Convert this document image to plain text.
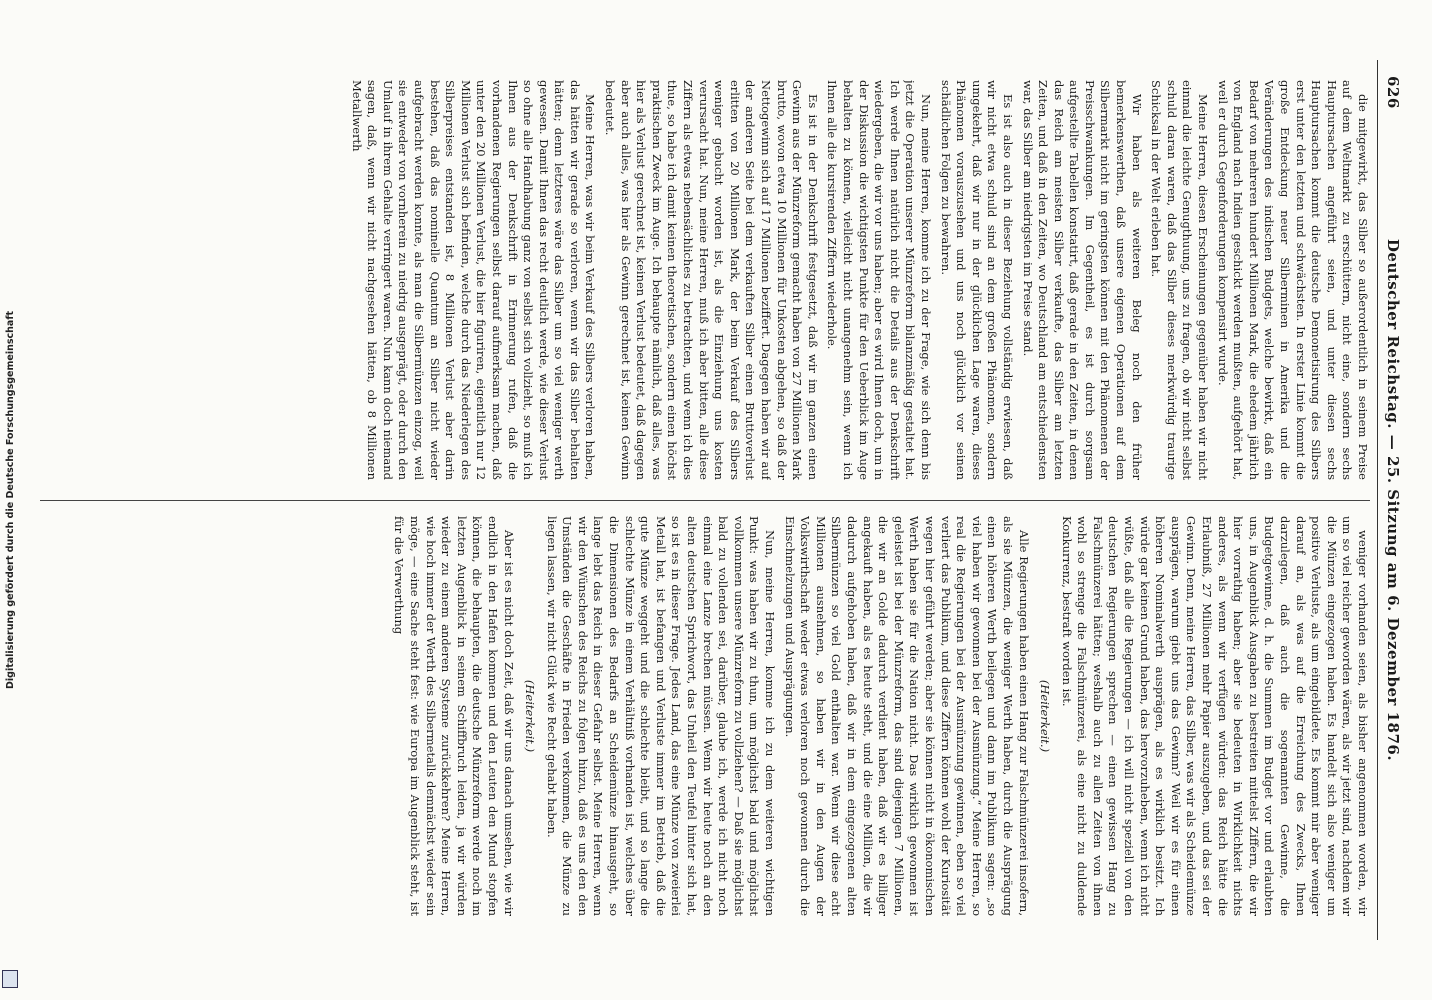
Digitalisierung gefördert durch die Deutsche Forschungsgemeinschaft
626
Deutscher Reichstag. — 25. Sitzung am 6. Dezember 1876.

die mitgewirkt, das Silber so außerordentlich in seinem Preise auf dem Weltmarkt zu erschüttern, nicht eine, sondern sechs Hauptursachen angeführt seien, und unter diesen sechs Hauptursachen kommt die deutsche Demonetisirung des Silbers erst unter den letzten und schwächsten. In erster Linie kommt die große Entdeckung neuer Silberminen in Amerika und die Veränderungen des indischen Budgets, welche bewirkt, daß ein Bedarf von mehreren hundert Millionen Mark, die ehedem jährlich von England nach Indien geschickt werden mußten, aufgehört hat, weil er durch Gegenforderungen kompensirt wurde.

Meine Herren, diesen Erscheinungen gegenüber haben wir nicht einmal die leichte Genugthuung, uns zu fragen, ob wir nicht selbst schuld daran waren, daß das Silber dieses merkwürdig traurige Schicksal in der Welt erleben hat.

Wir haben als weiteren Beleg noch den früher bemerkenswerthen, daß unsere eigenen Operationen auf dem Silbermarkt nicht im geringsten können mit den Phänomenen der Preisschwankungen. Im Gegentheil, es ist durch sorgsam aufgestellte Tabellen konstatirt, daß gerade in den Zeiten, in denen das Reich am meisten Silber verkaufte, das Silber am letzten Zeiten, und daß in den Zeiten, wo Deutschland am entschiedensten war, das Silber am niedrigsten im Preise stand.

Es ist also auch in dieser Beziehung vollständig erwiesen, daß wir nicht etwa schuld sind an dem großen Phänomen, sondern umgekehrt, daß wir nur in der glücklichen Lage waren, dieses Phänomen vorauszusehen und uns noch glücklich vor seinen schädlichen Folgen zu bewahren.

Nun, meine Herren, komme ich zu der Frage, wie sich denn bis jetzt die Operation unserer Münzreform bilanzmäßig gestaltet hat. Ich werde Ihnen natürlich nicht die Details aus der Denkschrift wiedergeben, die wir vor uns haben; aber es wird Ihnen doch, um in der Diskussion die wichtigsten Punkte für den Ueberblick im Auge behalten zu können, vielleicht nicht unangenehm sein, wenn ich Ihnen alle die kursirenden Ziffern wiederhole.

Es ist in der Denkschrift festgesetzt, daß wir im ganzen einen Gewinn aus der Münzreform gemacht haben von 27 Millionen Mark brutto, wovon etwa 10 Millionen für Unkosten abgehen, so daß der Nettogewinn sich auf 17 Millionen beziffert. Dagegen haben wir auf der anderen Seite bei dem verkauften Silber einen Bruttoverlust erlitten von 20 Millionen Mark, der beim Verkauf des Silbers weniger gebucht worden ist, als die Einziehung uns kosten verursacht hat. Nun, meine Herren, muß ich aber bitten, alle diese Ziffern als etwas nebensächliches zu betrachten, und wenn ich dies thue, so habe ich damit keinen theoretischen, sondern einen höchst praktischen Zweck im Auge. Ich behaupte nämlich, daß alles, was hier als Verlust gerechnet ist, keinen Verlust bedeutet, daß dagegen aber auch alles, was hier als Gewinn gerechnet ist, keinen Gewinn bedeutet.

Meine Herren, was wir beim Verkauf des Silbers verloren haben, das hätten wir gerade so verloren, wenn wir das Silber behalten hätten; denn letzteres wäre das Silber um so viel weniger werth gewesen. Damit Ihnen das recht deutlich werde, wie dieser Verlust so ohne alle Handhabung ganz von selbst sich vollzieht, so muß ich Ihnen aus der Denkschrift in Erinnerung rufen, daß die vorhandenen Regierungen selbst darauf aufmerksam machen, daß unter den 20 Millionen Verlust, die hier figuriren, eigentlich nur 12 Millionen Verlust sich befinden, welche durch das Niederlegen des Silberpreises entstanden ist, 8 Millionen Verlust aber darin bestehen, daß das nominelle Quantum an Silber nicht wieder aufgebracht werden konnte, als man die Silbermünzen einzog, weil sie entweder von vornherein zu niedrig ausgeprägt, oder durch den Umlauf in ihrem Gehalte verringert waren. Nun kann doch niemand sagen, daß, wenn wir nicht nachgesehen hätten, ob 8 Millionen Metallwerth

weniger vorhanden seien, als bisher angenommen worden, wir um so viel reicher geworden wären, als wir jetzt sind, nachdem wir die Münzen eingezogen haben. Es handelt sich also weniger um positive Verluste, als um eingebildete. Es kommt mir aber weniger darauf an, als was auf die Erreichung des Zwecks, Ihnen darzulegen, daß auch die sogenannten Gewinne, die Budgetgewinne, d. h. die Summen im Budget vor und erlaubten uns, in Augenblick Ausgaben zu bestreiten mittelst Ziffern, die wir hier vorrathig haben; aber sie bedeuten in Wirklichkeit nichts anderes, als wenn wir verfügen würden: das Reich hätte die Erlaubniß, 27 Millionen mehr Papier auszugeben, und das sei der Gewinn. Denn, meine Herren, das Silber, was wir als Scheidemünze ausprägen, warum giebt uns das Gewinn? Weil wir es für einen höheren Nominalwerth ausprägen, als es wirklich besitzt. Ich würde gar keinen Grund haben, das hervorzuheben, wenn ich nicht wüßte, daß alle die Regierungen — ich will nicht speziell von den deutschen Regierungen sprechen — einen gewissen Hang zu Falschmünzerei hätten; weshalb auch zu allen Zeiten von ihnen wohl so strenge die Falschmünzerei, als eine nicht zu duldende Konkurrenz, bestraft worden ist.

(Heiterkeit.)

Alle Regierungen haben einen Hang zur Falschmünzerei insofern, als sie Münzen, die weniger Werth haben, durch die Ausprägung einen höheren Werth beilegen und dann im Publikum sagen: „so viel haben wir gewonnen bei der Ausmünzung.“ Meine Herren, so real die Regierungen bei der Ausmünzung gewinnen, eben so viel verliert das Publikum, und diese Ziffern können wohl der Kuriosität wegen hier geführt werden; aber sie können nicht in ökonomischen Werth haben sie für die Nation nicht. Das wirklich gewonnen ist geleistet ist bei der Münzreform, das sind diejenigen 7 Millionen, die wir an Golde dadurch verdient haben, daß wir es billiger angekauft haben, als es heute steht, und die eine Million, die wir dadurch aufgehoben haben, daß wir in dem eingezogenen alten Silbermünzen so viel Gold enthalten war. Wenn wir diese acht Millionen ausnehmen, so haben wir in den Augen der Volkswirthschaft weder etwas verloren noch gewonnen durch die Einschmelzungen und Ausprägungen.

Nun, meine Herren, komme ich zu dem weiteren wichtigen Punkt: was haben wir zu thun, um möglichst bald und möglichst vollkommen unsere Münzreform zu vollziehen? — Daß sie möglichst bald zu vollenden sei, darüber, glaube ich, werde ich nicht noch einmal eine Lanze brechen müssen. Wenn wir heute noch an den alten deutschen Sprichwort, das Unheil den Teufel hinter sich hat, so ist es in dieser Frage. Jedes Land, das eine Münze von zweierlei Metall hat, ist befangen und Verluste immer im Betrieb, daß die gute Münze weggeht und die schlechte bleibt, und so lange die schlechte Münze in einem Verhältniß vorhanden ist, welches über die Dimensionen des Bedarfs an Scheidemünze hinausgeht, so lange lebt das Reich in dieser Gefahr selbst. Meine Herren, wenn wir den Wünschen des Reichs zu folgen hinzu, daß es uns den den Umständen die Geschäfte in Frieden verkommen, die Münze zu liegen lassen, wir nicht Glück wie Recht gehabt haben.

(Heiterkeit.)

Aber ist es nicht doch Zeit, daß wir uns danach umsehen, wie wir endlich in den Hafen kommen und den Leuten den Mund stopfen können, die behaupten, die deutsche Münzreform werde noch im letzten Augenblick in seinem Schiffbruch leiden, ja wir würden wieder zu einem anderen Systeme zurückkehren? Meine Herren, wie hoch immer der Werth des Silbermetalls demnächst wieder sein möge, — eine Sache steht fest: wie Europa im Augenblick steht, ist für die Verwerthung
